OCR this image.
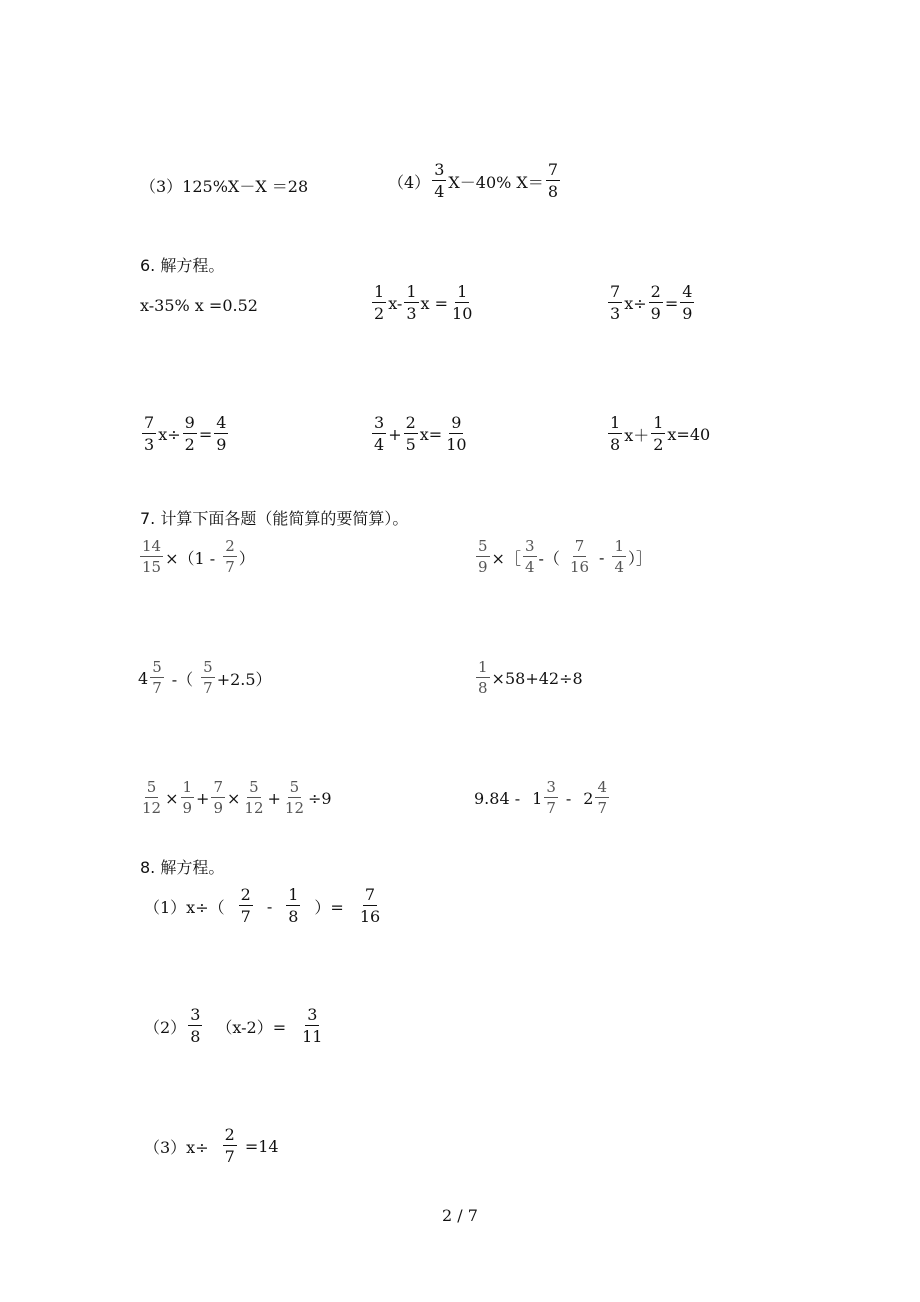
（3）125%X－X ＝28	$(4) \frac{3}{4} X-40\%$ $X= \frac{7}{8}$
6. 解方程。
x-35% x =0.52	$\frac{1}{2} x- \frac{1}{3}$ $x = \frac{1}{10}$	$\frac{7}{3} x\div \frac{2}{9} = \frac{4}{9}$
$\frac{7}{3} x\div \frac{9}{2} = \frac{4}{9}$	$\frac{3}{4} + \frac{2}{5} x= \frac{9}{10}$	$\frac{1}{8} x+ \frac{1}{2} x=40$
7. 计算下面各题（能简算的要简算）。
$\frac{14}{15} \times(1 - \frac{2}{7}$ ）	$\frac{5}{9}$ ×［ $\frac{3}{4}$ -（ $\frac{7}{16} - \frac{1}{4}$ ）］
$4 \frac{5}{7}$ -（ $\frac{5}{7} +2.5$）	$\frac{1}{8} \times 58+42\div 8$
$\frac{5}{12} \times \frac{1}{9} + \frac{7}{9} \times \frac{5}{12} + \frac{5}{12} \div 9$	$9.84 - 1 \frac{3}{7} - 2 \frac{4}{7}$
8. 解方程。
$(1)x\div( \frac{2}{7} - \frac{1}{8}$ ）= $\frac{7}{16}$
$(2) \frac{3}{8} (x-2)= \frac{3}{11}$
$(3)x\div \frac{2}{7} =14$
2 / 7
